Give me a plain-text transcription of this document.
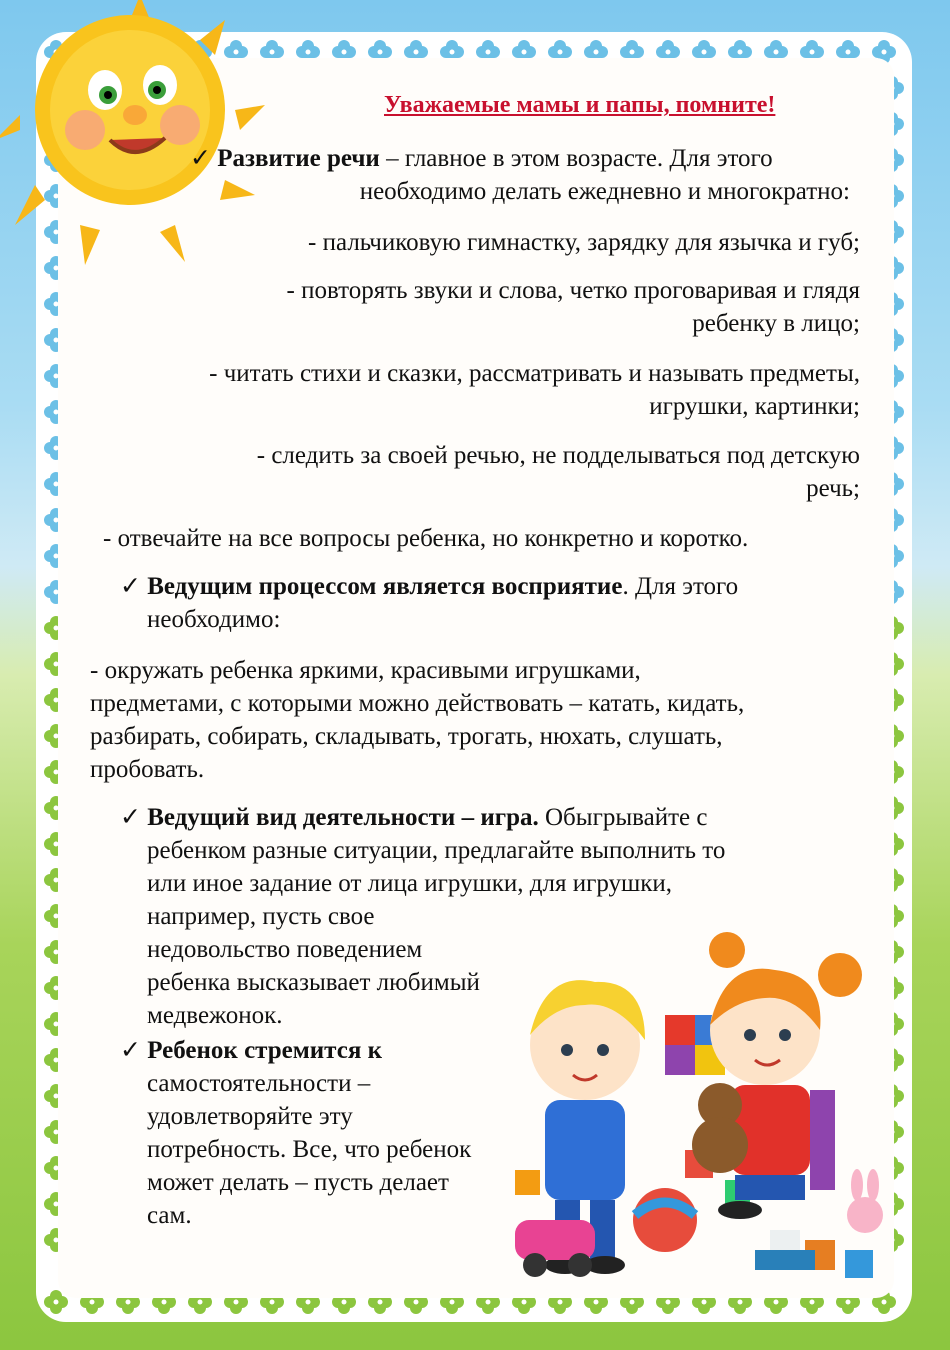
Уважаемые мамы и папы, помните!
✓ Развитие речи – главное в этом возрасте. Для этого
необходимо делать ежедневно и многократно:
- пальчиковую гимнастку, зарядку для язычка и губ;
- повторять звуки и слова, четко проговаривая и глядя
ребенку в лицо;
- читать стихи и сказки, рассматривать и называть предметы,
игрушки, картинки;
- следить за своей речью, не подделываться под детскую
речь;
- отвечайте на все вопросы ребенка, но конкретно и коротко.
✓ Ведущим процессом является восприятие. Для этого
необходимо:
- окружать ребенка яркими, красивыми игрушками,
предметами, с которыми можно действовать – катать, кидать,
разбирать, собирать, складывать, трогать, нюхать, слушать,
пробовать.
✓ Ведущий вид деятельности – игра. Обыгрывайте с
ребенком разные ситуации, предлагайте выполнить то
или иное задание от лица игрушки, для игрушки,
например, пусть свое
недовольство поведением
ребенка высказывает любимый
медвежонок.
✓ Ребенок стремится к
самостоятельности –
удовлетворяйте эту
потребность. Все, что ребенок
может делать – пусть делает
сам.
